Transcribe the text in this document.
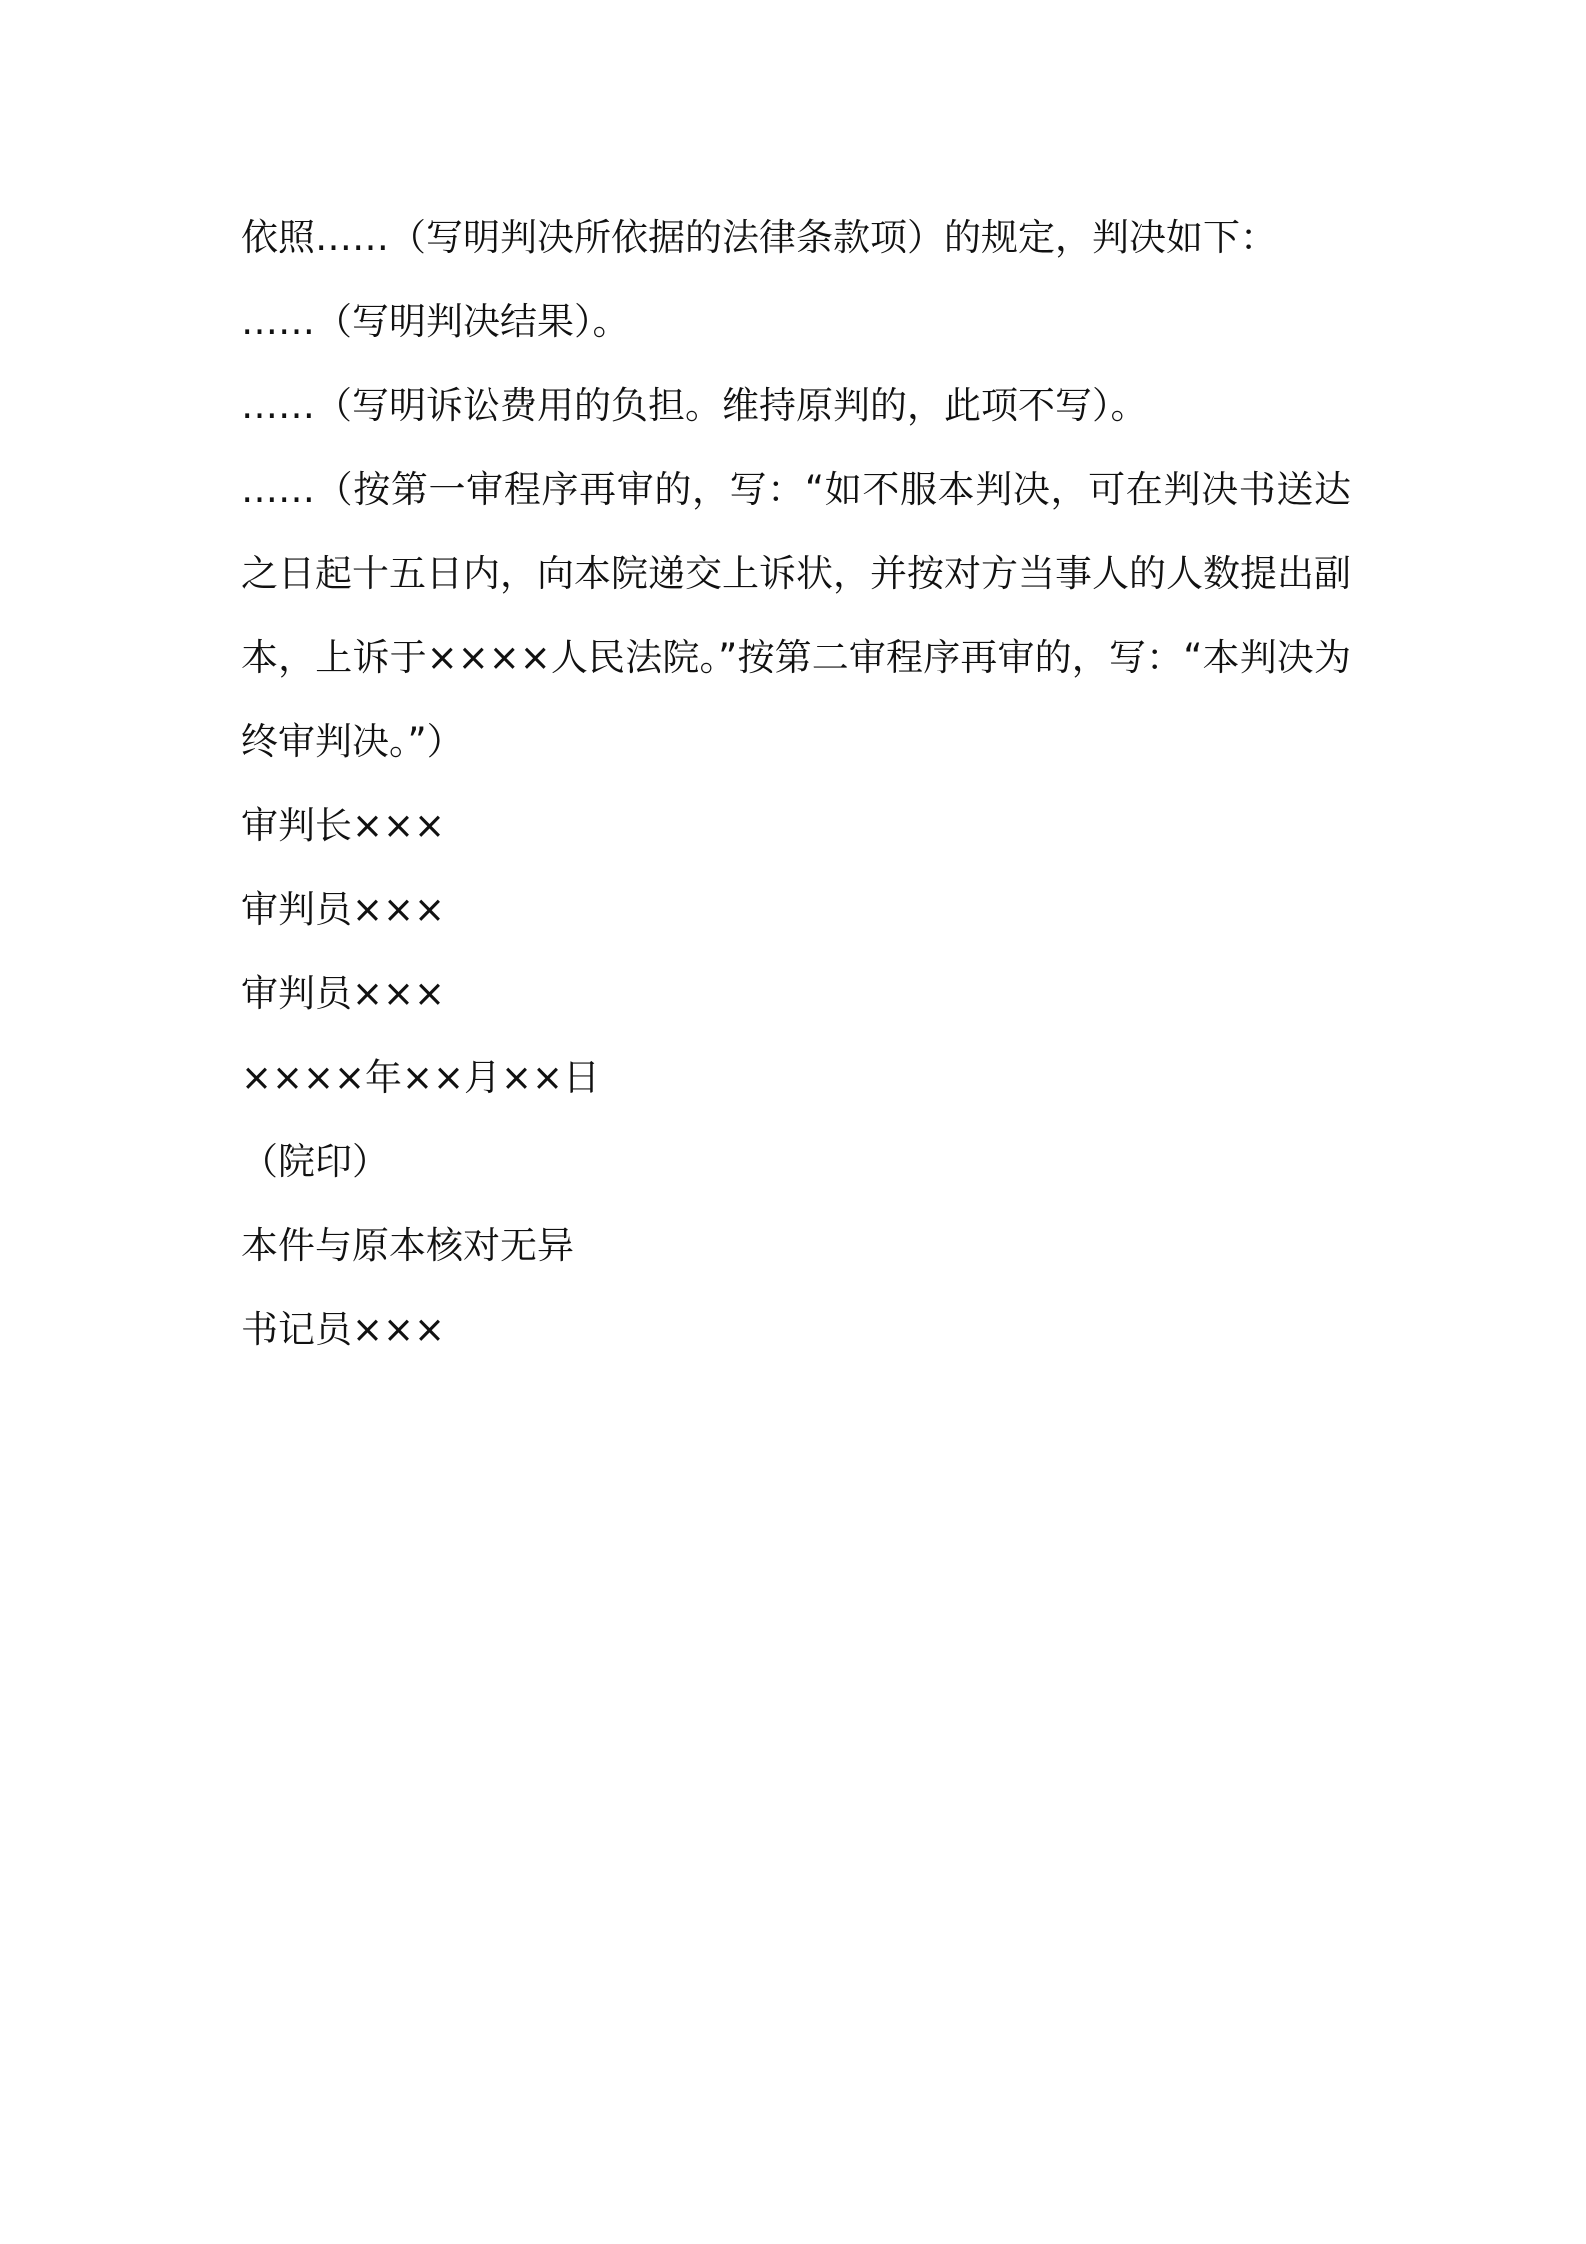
依照……（写明判决所依据的法律条款项）的规定，判决如下：

……（写明判决结果）。

……（写明诉讼费用的负担。维持原判的，此项不写）。

……（按第一审程序再审的，写：“如不服本判决，可在判决书送达之日起十五日内，向本院递交上诉状，并按对方当事人的人数提出副本，上诉于××××人民法院。”按第二审程序再审的，写：“本判决为终审判决。”）

审判长×××

审判员×××

审判员×××

××××年××月××日

（院印）

本件与原本核对无异

书记员×××
